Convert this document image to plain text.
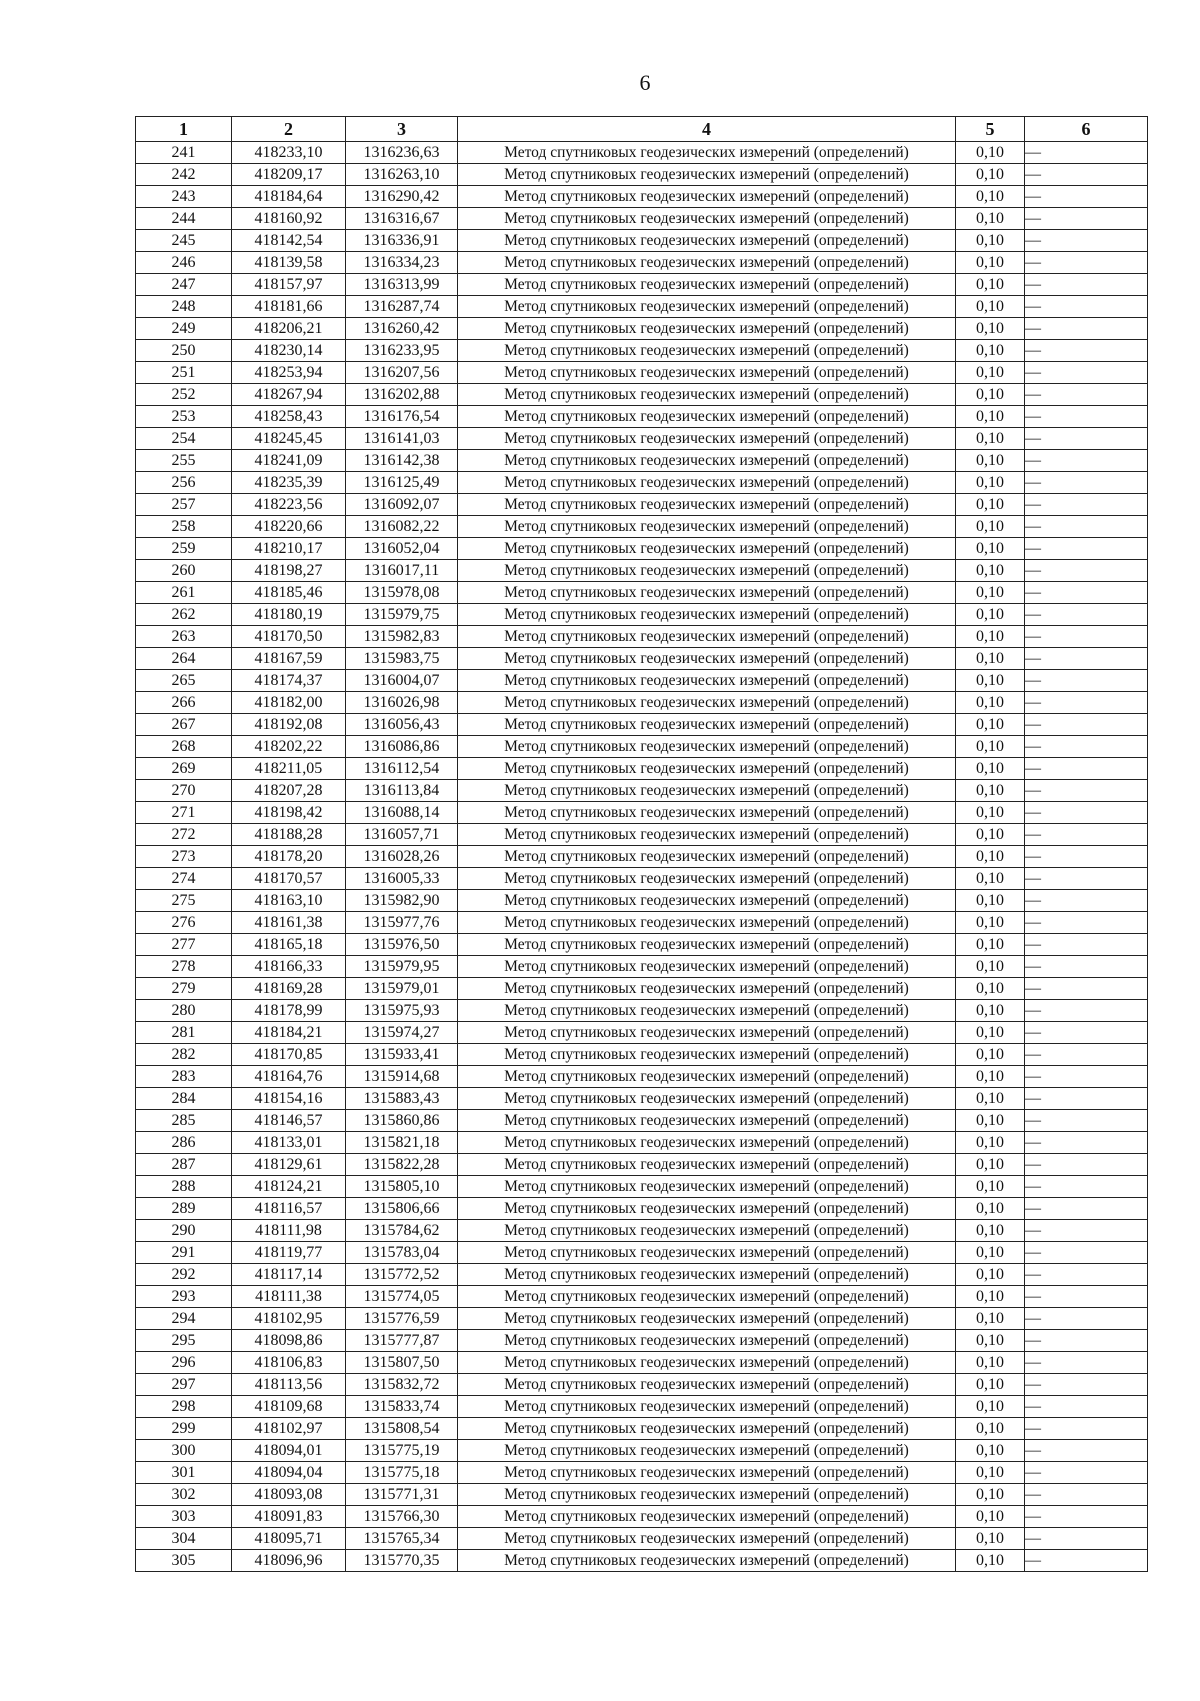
6
1	2	3	4	5	6
241	418233,10	1316236,63	Метод спутниковых геодезических измерений (определений)	0,10	—
242	418209,17	1316263,10	Метод спутниковых геодезических измерений (определений)	0,10	—
243	418184,64	1316290,42	Метод спутниковых геодезических измерений (определений)	0,10	—
244	418160,92	1316316,67	Метод спутниковых геодезических измерений (определений)	0,10	—
245	418142,54	1316336,91	Метод спутниковых геодезических измерений (определений)	0,10	—
246	418139,58	1316334,23	Метод спутниковых геодезических измерений (определений)	0,10	—
247	418157,97	1316313,99	Метод спутниковых геодезических измерений (определений)	0,10	—
248	418181,66	1316287,74	Метод спутниковых геодезических измерений (определений)	0,10	—
249	418206,21	1316260,42	Метод спутниковых геодезических измерений (определений)	0,10	—
250	418230,14	1316233,95	Метод спутниковых геодезических измерений (определений)	0,10	—
251	418253,94	1316207,56	Метод спутниковых геодезических измерений (определений)	0,10	—
252	418267,94	1316202,88	Метод спутниковых геодезических измерений (определений)	0,10	—
253	418258,43	1316176,54	Метод спутниковых геодезических измерений (определений)	0,10	—
254	418245,45	1316141,03	Метод спутниковых геодезических измерений (определений)	0,10	—
255	418241,09	1316142,38	Метод спутниковых геодезических измерений (определений)	0,10	—
256	418235,39	1316125,49	Метод спутниковых геодезических измерений (определений)	0,10	—
257	418223,56	1316092,07	Метод спутниковых геодезических измерений (определений)	0,10	—
258	418220,66	1316082,22	Метод спутниковых геодезических измерений (определений)	0,10	—
259	418210,17	1316052,04	Метод спутниковых геодезических измерений (определений)	0,10	—
260	418198,27	1316017,11	Метод спутниковых геодезических измерений (определений)	0,10	—
261	418185,46	1315978,08	Метод спутниковых геодезических измерений (определений)	0,10	—
262	418180,19	1315979,75	Метод спутниковых геодезических измерений (определений)	0,10	—
263	418170,50	1315982,83	Метод спутниковых геодезических измерений (определений)	0,10	—
264	418167,59	1315983,75	Метод спутниковых геодезических измерений (определений)	0,10	—
265	418174,37	1316004,07	Метод спутниковых геодезических измерений (определений)	0,10	—
266	418182,00	1316026,98	Метод спутниковых геодезических измерений (определений)	0,10	—
267	418192,08	1316056,43	Метод спутниковых геодезических измерений (определений)	0,10	—
268	418202,22	1316086,86	Метод спутниковых геодезических измерений (определений)	0,10	—
269	418211,05	1316112,54	Метод спутниковых геодезических измерений (определений)	0,10	—
270	418207,28	1316113,84	Метод спутниковых геодезических измерений (определений)	0,10	—
271	418198,42	1316088,14	Метод спутниковых геодезических измерений (определений)	0,10	—
272	418188,28	1316057,71	Метод спутниковых геодезических измерений (определений)	0,10	—
273	418178,20	1316028,26	Метод спутниковых геодезических измерений (определений)	0,10	—
274	418170,57	1316005,33	Метод спутниковых геодезических измерений (определений)	0,10	—
275	418163,10	1315982,90	Метод спутниковых геодезических измерений (определений)	0,10	—
276	418161,38	1315977,76	Метод спутниковых геодезических измерений (определений)	0,10	—
277	418165,18	1315976,50	Метод спутниковых геодезических измерений (определений)	0,10	—
278	418166,33	1315979,95	Метод спутниковых геодезических измерений (определений)	0,10	—
279	418169,28	1315979,01	Метод спутниковых геодезических измерений (определений)	0,10	—
280	418178,99	1315975,93	Метод спутниковых геодезических измерений (определений)	0,10	—
281	418184,21	1315974,27	Метод спутниковых геодезических измерений (определений)	0,10	—
282	418170,85	1315933,41	Метод спутниковых геодезических измерений (определений)	0,10	—
283	418164,76	1315914,68	Метод спутниковых геодезических измерений (определений)	0,10	—
284	418154,16	1315883,43	Метод спутниковых геодезических измерений (определений)	0,10	—
285	418146,57	1315860,86	Метод спутниковых геодезических измерений (определений)	0,10	—
286	418133,01	1315821,18	Метод спутниковых геодезических измерений (определений)	0,10	—
287	418129,61	1315822,28	Метод спутниковых геодезических измерений (определений)	0,10	—
288	418124,21	1315805,10	Метод спутниковых геодезических измерений (определений)	0,10	—
289	418116,57	1315806,66	Метод спутниковых геодезических измерений (определений)	0,10	—
290	418111,98	1315784,62	Метод спутниковых геодезических измерений (определений)	0,10	—
291	418119,77	1315783,04	Метод спутниковых геодезических измерений (определений)	0,10	—
292	418117,14	1315772,52	Метод спутниковых геодезических измерений (определений)	0,10	—
293	418111,38	1315774,05	Метод спутниковых геодезических измерений (определений)	0,10	—
294	418102,95	1315776,59	Метод спутниковых геодезических измерений (определений)	0,10	—
295	418098,86	1315777,87	Метод спутниковых геодезических измерений (определений)	0,10	—
296	418106,83	1315807,50	Метод спутниковых геодезических измерений (определений)	0,10	—
297	418113,56	1315832,72	Метод спутниковых геодезических измерений (определений)	0,10	—
298	418109,68	1315833,74	Метод спутниковых геодезических измерений (определений)	0,10	—
299	418102,97	1315808,54	Метод спутниковых геодезических измерений (определений)	0,10	—
300	418094,01	1315775,19	Метод спутниковых геодезических измерений (определений)	0,10	—
301	418094,04	1315775,18	Метод спутниковых геодезических измерений (определений)	0,10	—
302	418093,08	1315771,31	Метод спутниковых геодезических измерений (определений)	0,10	—
303	418091,83	1315766,30	Метод спутниковых геодезических измерений (определений)	0,10	—
304	418095,71	1315765,34	Метод спутниковых геодезических измерений (определений)	0,10	—
305	418096,96	1315770,35	Метод спутниковых геодезических измерений (определений)	0,10	—
